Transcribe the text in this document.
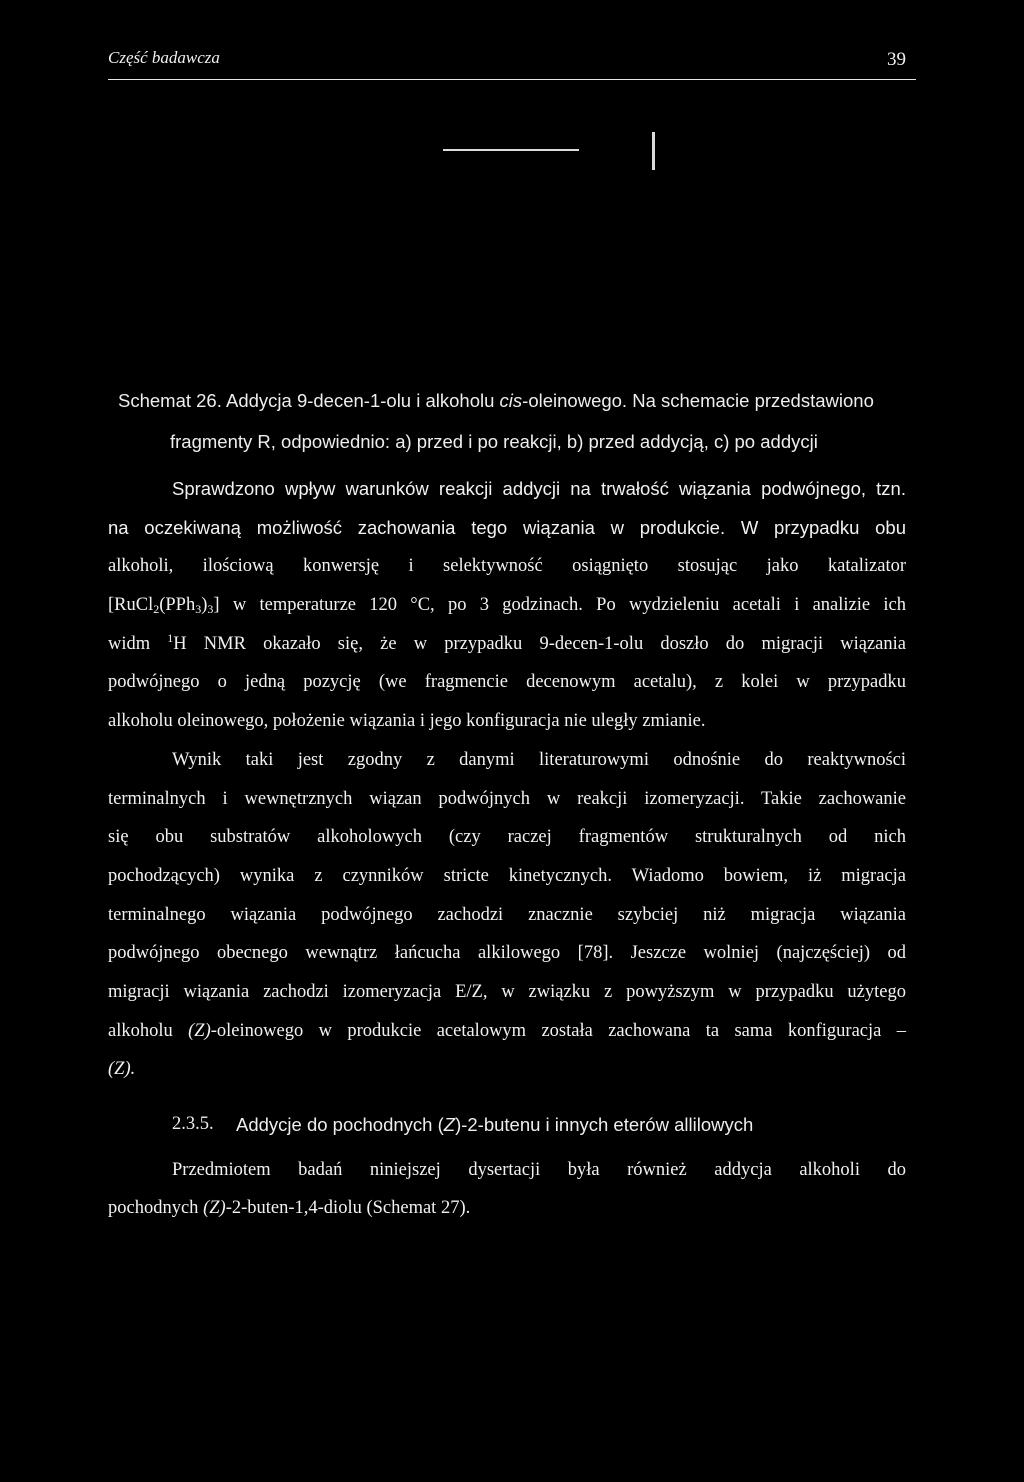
Część badawcza	39
Schemat 26. Addycja 9-decen-1-olu i alkoholu cis-oleinowego. Na schemacie przedstawiono
fragmenty R, odpowiednio: a) przed i po reakcji, b) przed addycją, c) po addycji
Sprawdzono wpływ warunków reakcji addycji na trwałość wiązania podwójnego, tzn.
na oczekiwaną możliwość zachowania tego wiązania w produkcie. W przypadku obu
alkoholi, ilościową konwersję i selektywność osiągnięto stosując jako katalizator
$[RuCl_2(PPh_3)_3]$ w temperaturze 120 °C, po 3 godzinach. Po wydzieleniu acetali i analizie ich
widm $^1$H NMR okazało się, że w przypadku 9-decen-1-olu doszło do migracji wiązania
podwójnego o jedną pozycję (we fragmencie decenowym acetalu), z kolei w przypadku
alkoholu oleinowego, położenie wiązania i jego konfiguracja nie uległy zmianie.
Wynik taki jest zgodny z danymi literaturowymi odnośnie do reaktywności
terminalnych i wewnętrznych wiązan podwójnych w reakcji izomeryzacji. Takie zachowanie
się obu substratów alkoholowych (czy raczej fragmentów strukturalnych od nich
pochodzących) wynika z czynników stricte kinetycznych. Wiadomo bowiem, iż migracja
terminalnego wiązania podwójnego zachodzi znacznie szybciej niż migracja wiązania
podwójnego obecnego wewnątrz łańcucha alkilowego [78]. Jeszcze wolniej (najczęściej) od
migracji wiązania zachodzi izomeryzacja E/Z, w związku z powyższym w przypadku użytego
alkoholu (Z)-oleinowego w produkcie acetalowym została zachowana ta sama konfiguracja –
(Z).
2.3.5. Addycje do pochodnych (Z)-2-butenu i innych eterów allilowych
Przedmiotem badań niniejszej dysertacji była również addycja alkoholi do
pochodnych (Z)-2-buten-1,4-diolu (Schemat 27).
